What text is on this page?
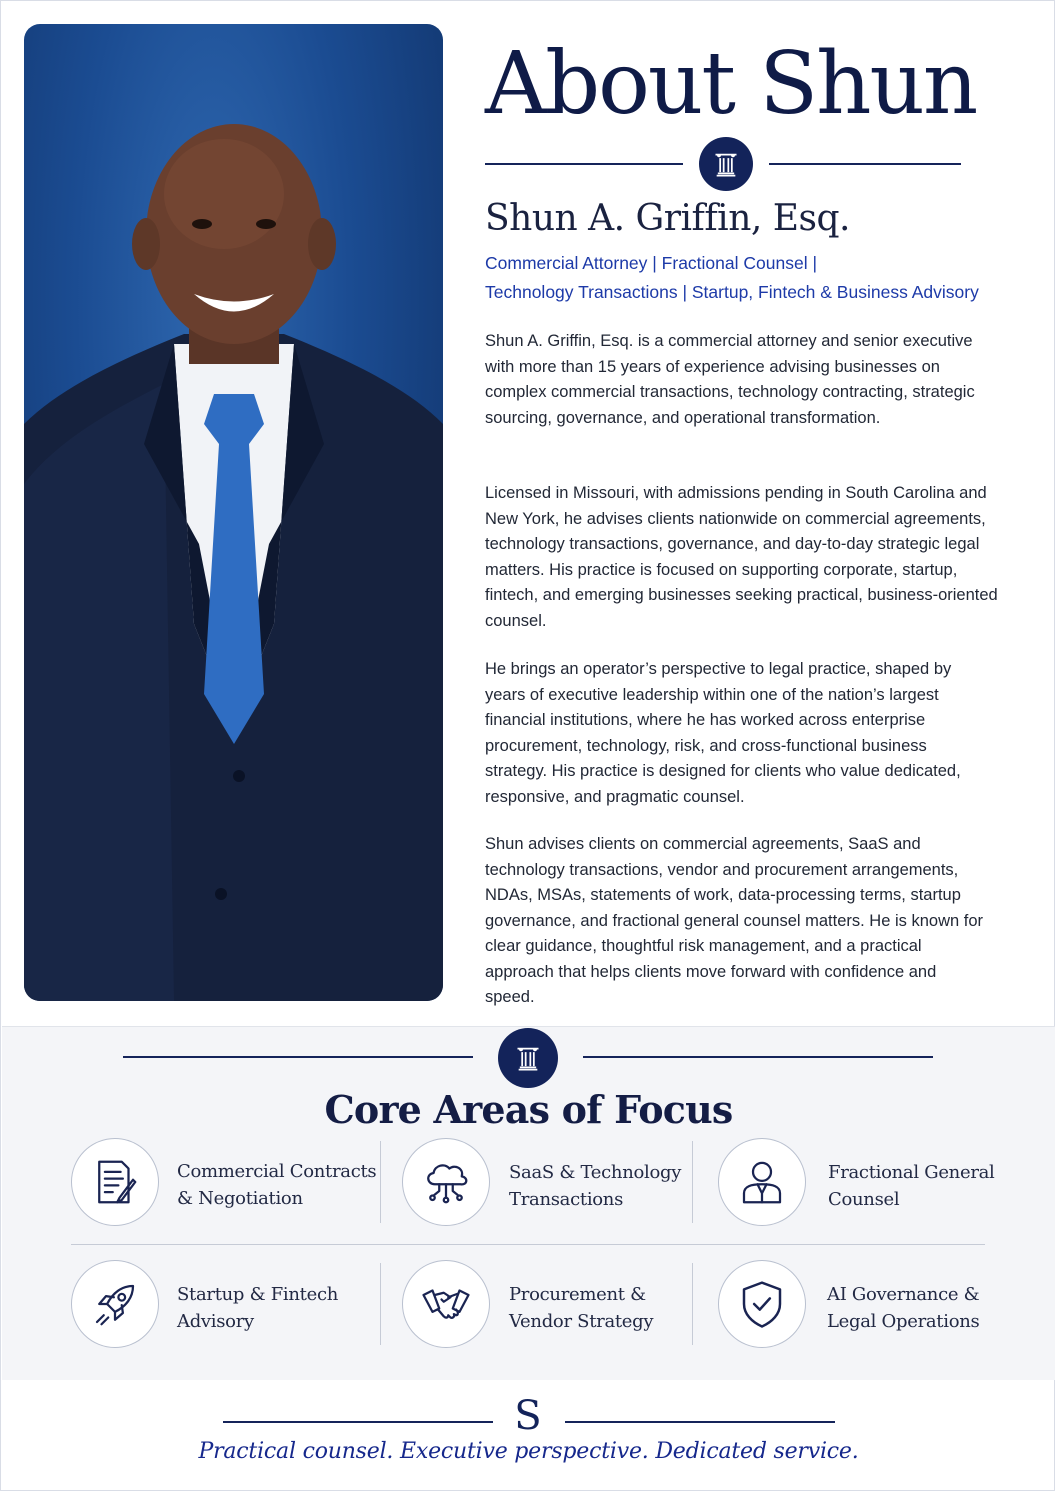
About Shun
Shun A. Griffin, Esq.
Commercial Attorney | Fractional Counsel |
Technology Transactions | Startup, Fintech & Business Advisory

Shun A. Griffin, Esq. is a commercial attorney and senior executive with more than 15 years of experience advising businesses on complex commercial transactions, technology contracting, strategic sourcing, governance, and operational transformation.

Licensed in Missouri, with admissions pending in South Carolina and New York, he advises clients nationwide on commercial agreements, technology transactions, governance, and day-to-day strategic legal matters. His practice is focused on supporting corporate, startup, fintech, and emerging businesses seeking practical, business-oriented counsel.

He brings an operator’s perspective to legal practice, shaped by years of executive leadership within one of the nation’s largest financial institutions, where he has worked across enterprise procurement, technology, risk, and cross-functional business strategy. His practice is designed for clients who value dedicated, responsive, and pragmatic counsel.

Shun advises clients on commercial agreements, SaaS and technology transactions, vendor and procurement arrangements, NDAs, MSAs, statements of work, data-processing terms, startup governance, and fractional general counsel matters. He is known for clear guidance, thoughtful risk management, and a practical approach that helps clients move forward with confidence and speed.

Core Areas of Focus
Commercial Contracts
& Negotiation
SaaS & Technology
Transactions
Fractional General
Counsel
Startup & Fintech
Advisory
Procurement &
Vendor Strategy
AI Governance &
Legal Operations
S
Practical counsel. Executive perspective. Dedicated service.
